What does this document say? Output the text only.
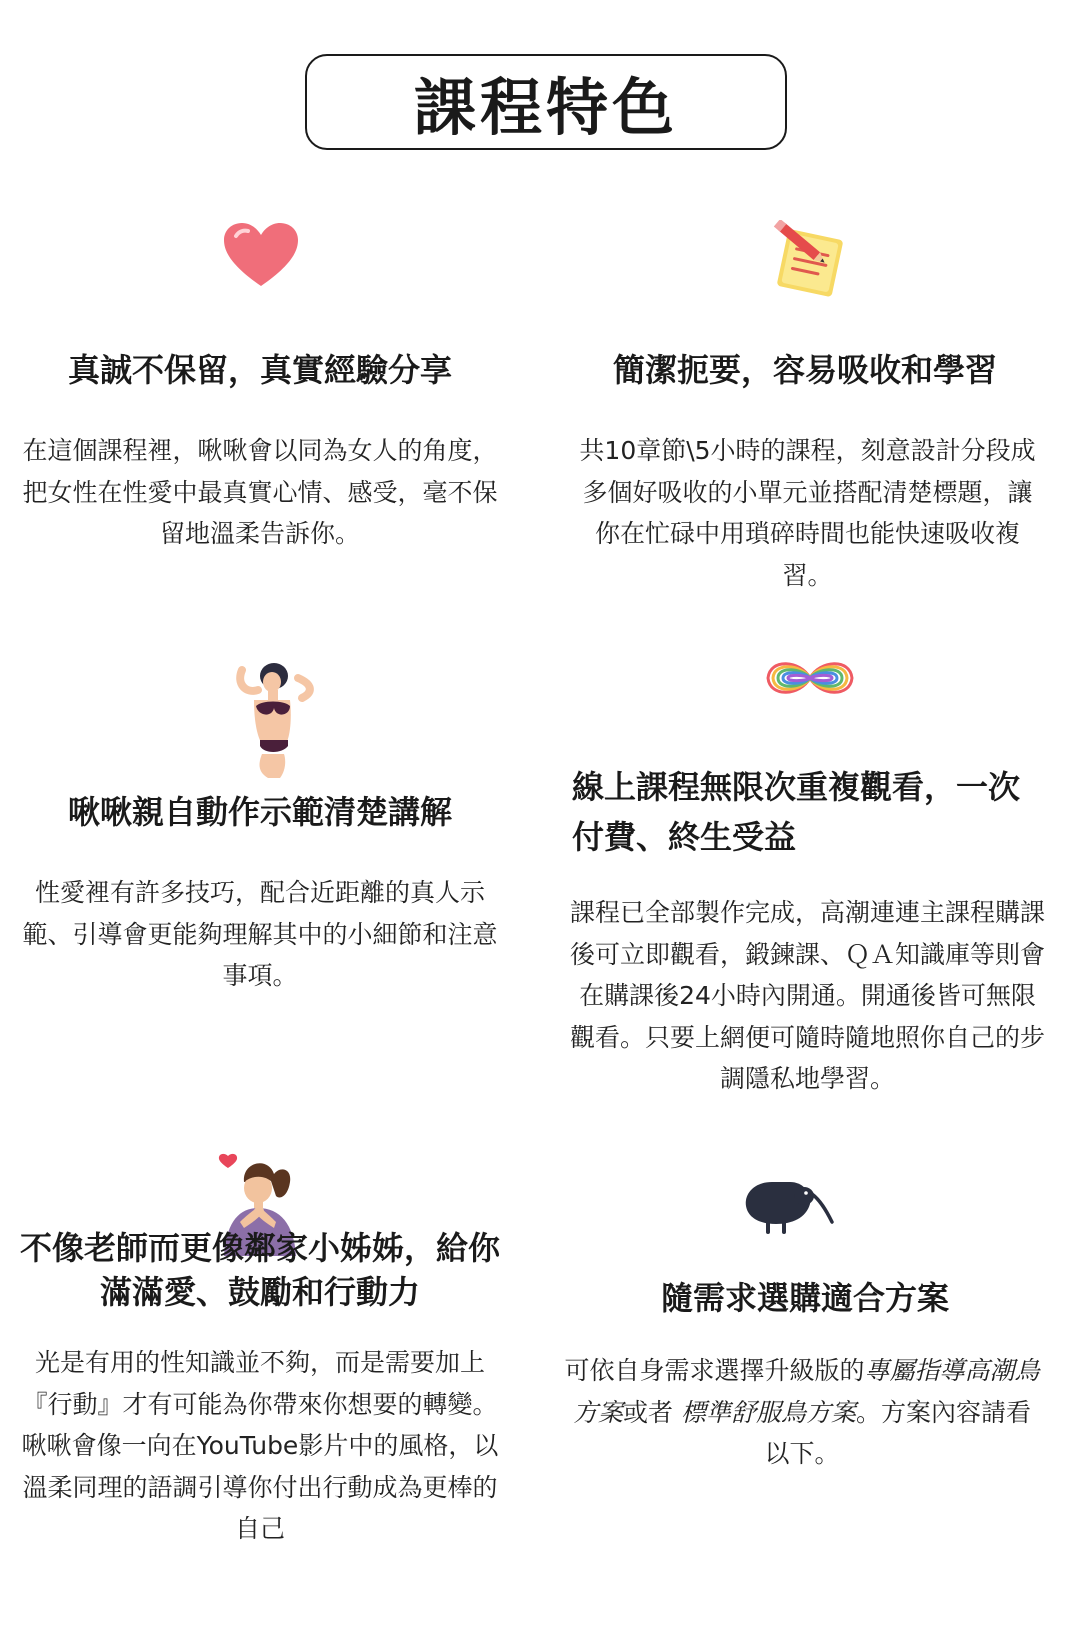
課程特色
真誠不保留，真實經驗分享
在這個課程裡，啾啾會以同為女人的角度，把女性在性愛中最真實心情、感受，毫不保留地溫柔告訴你。
簡潔扼要，容易吸收和學習
共10章節\5小時的課程，刻意設計分段成多個好吸收的小單元並搭配清楚標題，讓你在忙碌中用瑣碎時間也能快速吸收複習。
啾啾親自動作示範清楚講解
性愛裡有許多技巧，配合近距離的真人示範、引導會更能夠理解其中的小細節和注意事項。
線上課程無限次重複觀看，一次付費、終生受益
課程已全部製作完成，高潮連連主課程購課後可立即觀看，鍛鍊課、ＱＡ知識庫等則會在購課後24小時內開通。開通後皆可無限觀看。只要上網便可隨時隨地照你自己的步調隱私地學習。
不像老師而更像鄰家小姊姊，給你滿滿愛、鼓勵和行動力
光是有用的性知識並不夠，而是需要加上『行動』才有可能為你帶來你想要的轉變。 啾啾會像一向在YouTube影片中的風格，以溫柔同理的語調引導你付出行動成為更棒的自己
隨需求選購適合方案
可依自身需求選擇升級版的專屬指導高潮鳥方案或者 標準舒服鳥方案。方案內容請看以下。
